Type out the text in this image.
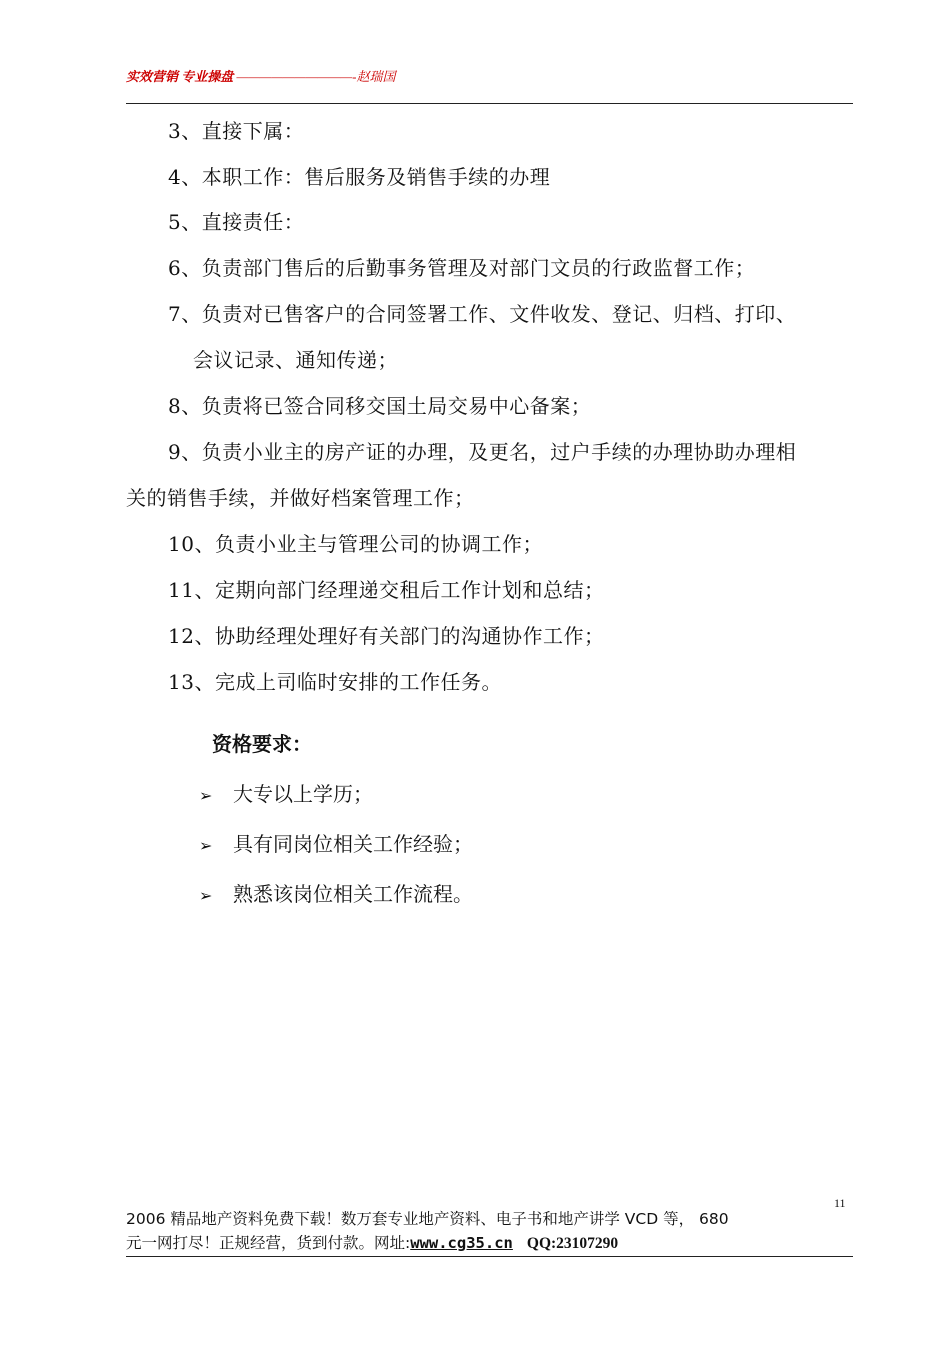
实效营销 专业操盘 ——————————-赵瑞国
3、直接下属：
4、本职工作：售后服务及销售手续的办理
5、直接责任：
6、负责部门售后的后勤事务管理及对部门文员的行政监督工作；
7、负责对已售客户的合同签署工作、文件收发、登记、归档、打印、
会议记录、通知传递；
8、负责将已签合同移交国土局交易中心备案；
9、负责小业主的房产证的办理，及更名，过户手续的办理协助办理相
关的销售手续，并做好档案管理工作；
10、负责小业主与管理公司的协调工作；
11、定期向部门经理递交租后工作计划和总结；
12、协助经理处理好有关部门的沟通协作工作；
13、完成上司临时安排的工作任务。
资格要求：
➢ 大专以上学历；
➢ 具有同岗位相关工作经验；
➢ 熟悉该岗位相关工作流程。
11
2006 精品地产资料免费下载！数万套专业地产资料、电子书和地产讲学 VCD 等， 680
元一网打尽！正规经营，货到付款。网址:www.cg35.cn QQ:23107290
